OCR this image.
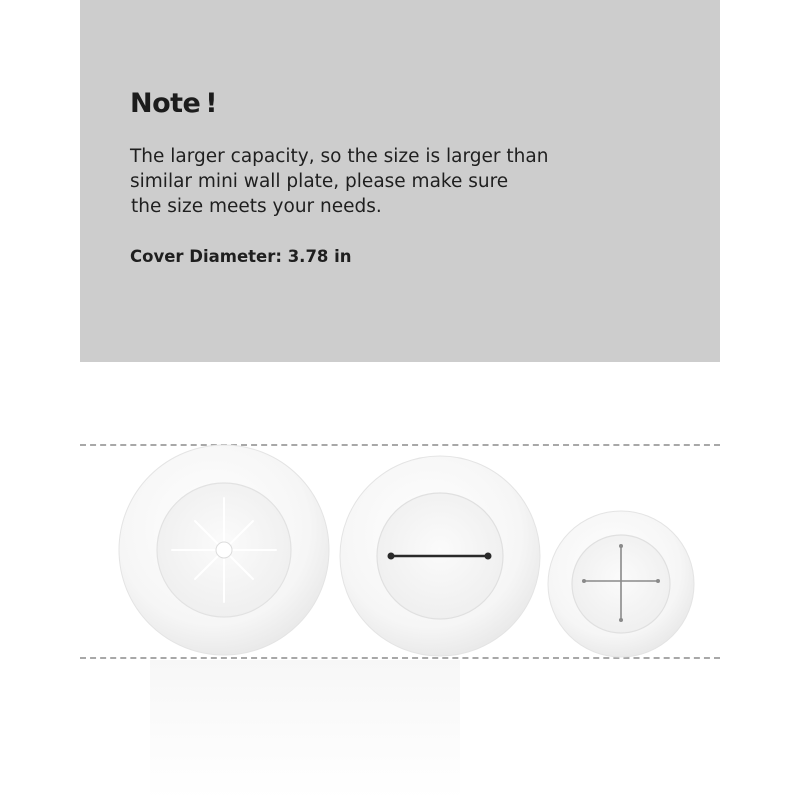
Note !

The larger capacity, so the size is larger than
similar mini wall plate, please make sure
the size meets your needs.

Cover Diameter: 3.78 in
